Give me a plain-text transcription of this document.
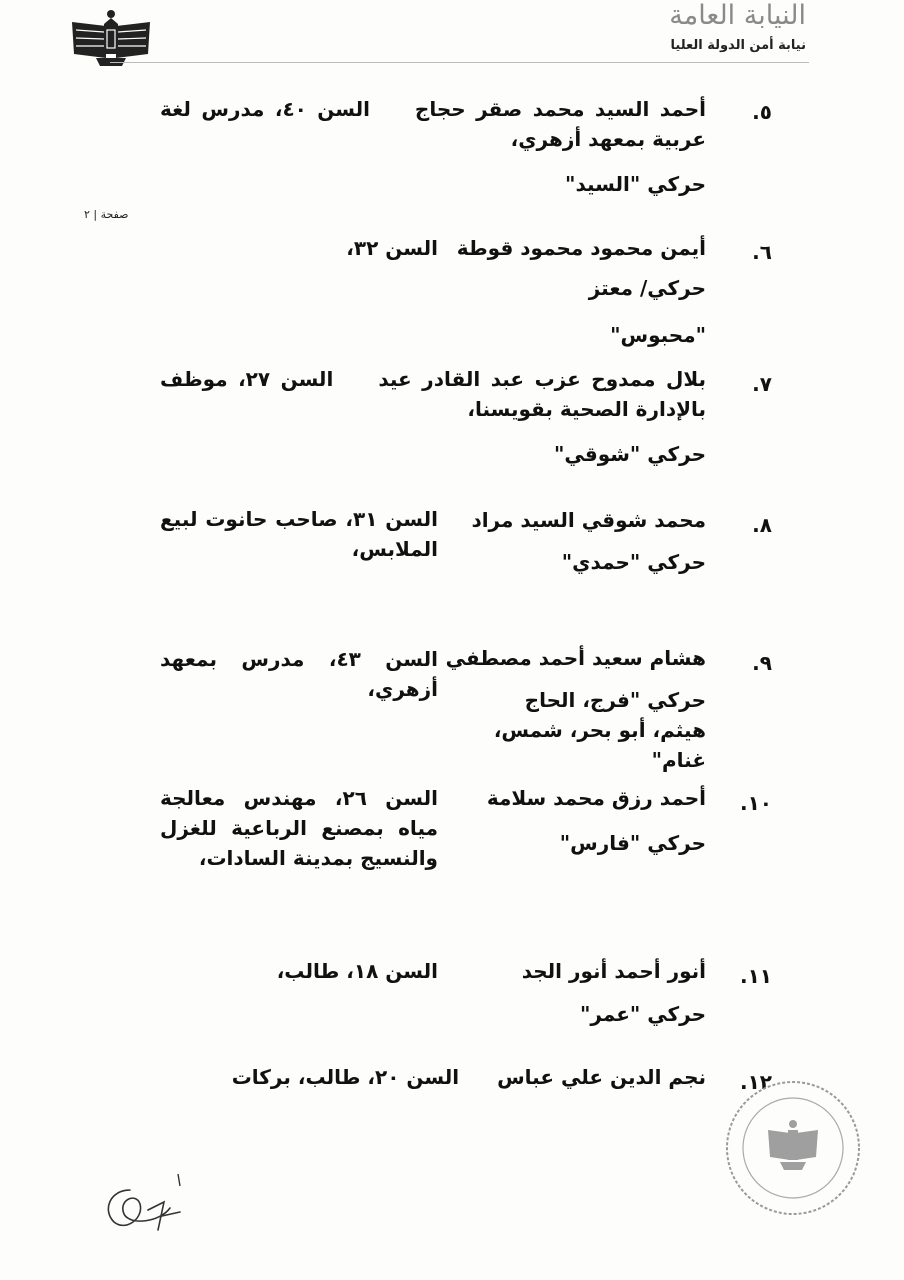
النيابة العامة
نيابة أمن الدولة العليا
صفحة | ٢
٥.
أحمد السيد محمد صقر حجاج  السن ٤٠، مدرس لغة عربية بمعهد أزهري،
حركي "السيد"
٦.
أيمن محمود محمود قوطة
السن ٣٢،
حركي/ معتز
"محبوس"
٧.
بلال ممدوح عزب عبد القادر عيد  السن ٢٧، موظف بالإدارة الصحية بقويسنا،
حركي "شوقي"
٨.
محمد شوقي السيد مراد
السن ٣١، صاحب حانوت لبيع الملابس،
حركي "حمدي"
٩.
هشام سعيد أحمد مصطفي
السن ٤٣، مدرس بمعهد أزهري،	حركي "فرج، الحاج هيثم، أبو بحر، شمس، غنام"
١٠.
أحمد رزق محمد سلامة
السن ٢٦، مهندس معالجة مياه بمصنع الرباعية للغزل والنسيج بمدينة السادات،
حركي "فارس"
١١.
أنور أحمد أنور الجد
السن ١٨، طالب،
حركي "عمر"
١٢.
نجم الدين علي عباس  السن ٢٠، طالب، بركات
